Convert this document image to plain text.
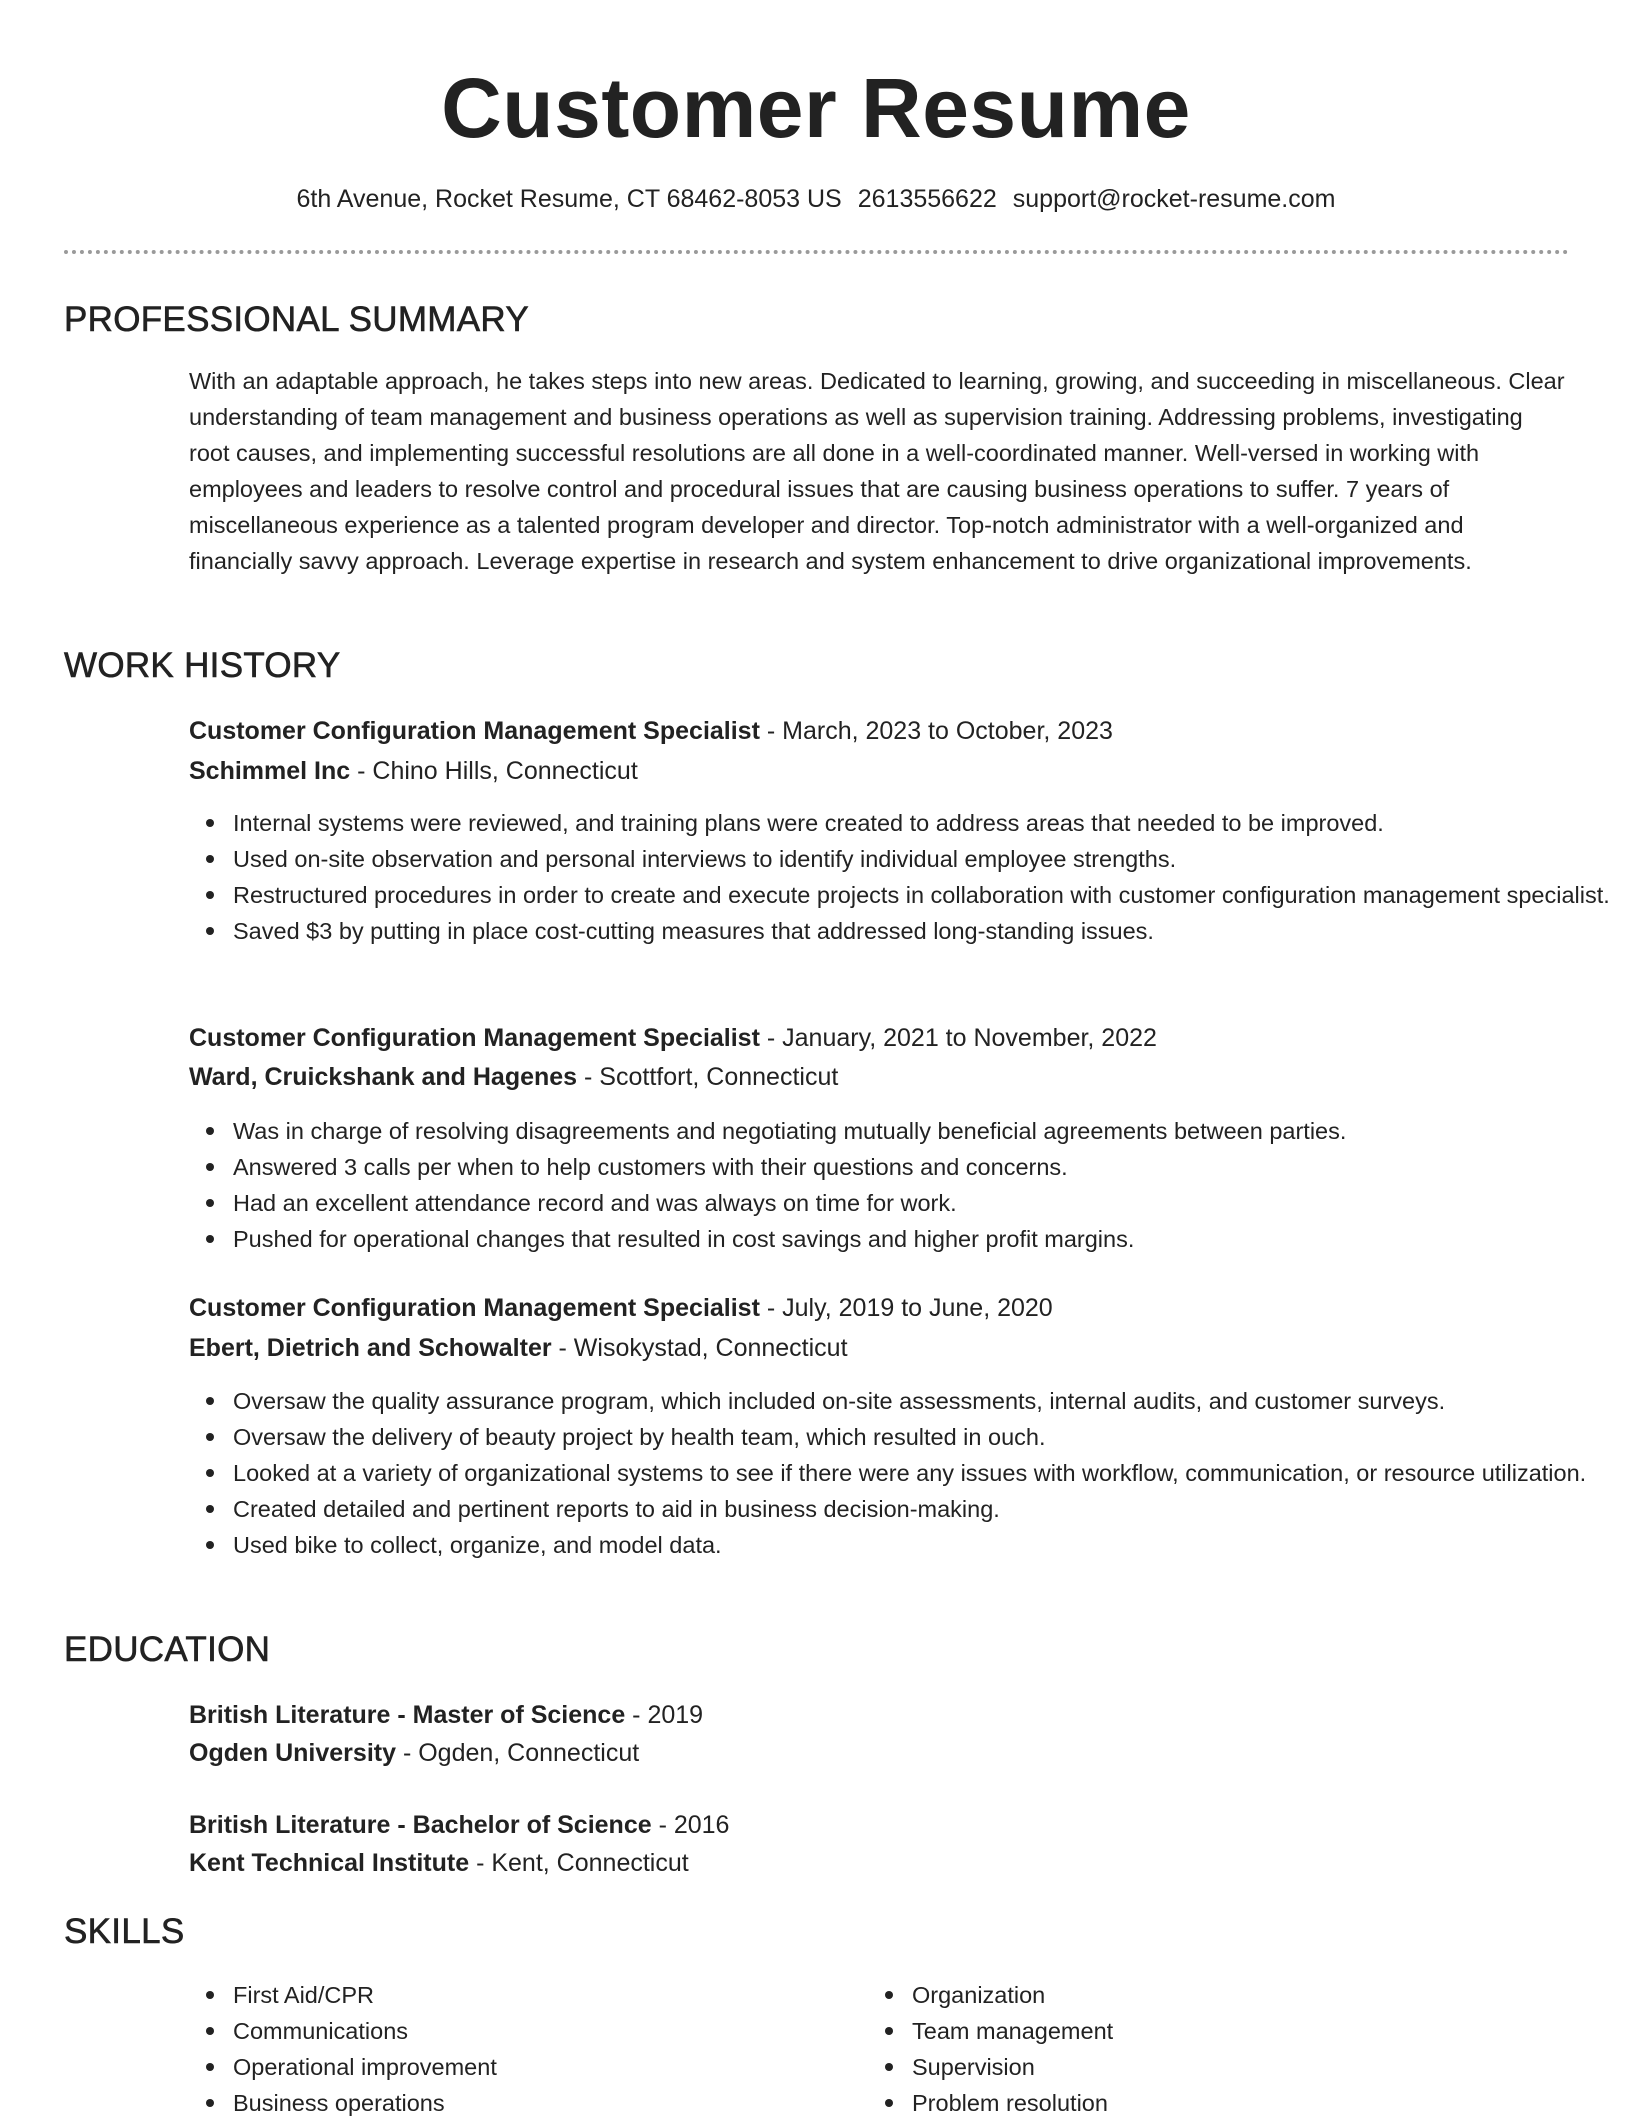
Customer Resume
6th Avenue, Rocket Resume, CT 68462-8053 US 2613556622 support@rocket-resume.com
PROFESSIONAL SUMMARY
With an adaptable approach, he takes steps into new areas. Dedicated to learning, growing, and succeeding in miscellaneous. Clear understanding of team management and business operations as well as supervision training. Addressing problems, investigating root causes, and implementing successful resolutions are all done in a well-coordinated manner. Well-versed in working with employees and leaders to resolve control and procedural issues that are causing business operations to suffer. 7 years of miscellaneous experience as a talented program developer and director. Top-notch administrator with a well-organized and financially savvy approach. Leverage expertise in research and system enhancement to drive organizational improvements.
WORK HISTORY
Customer Configuration Management Specialist - March, 2023 to October, 2023
Schimmel Inc - Chino Hills, Connecticut
Internal systems were reviewed, and training plans were created to address areas that needed to be improved.
Used on-site observation and personal interviews to identify individual employee strengths.
Restructured procedures in order to create and execute projects in collaboration with customer configuration management specialist.
Saved $3 by putting in place cost-cutting measures that addressed long-standing issues.
Customer Configuration Management Specialist - January, 2021 to November, 2022
Ward, Cruickshank and Hagenes - Scottfort, Connecticut
Was in charge of resolving disagreements and negotiating mutually beneficial agreements between parties.
Answered 3 calls per when to help customers with their questions and concerns.
Had an excellent attendance record and was always on time for work.
Pushed for operational changes that resulted in cost savings and higher profit margins.
Customer Configuration Management Specialist - July, 2019 to June, 2020
Ebert, Dietrich and Schowalter - Wisokystad, Connecticut
Oversaw the quality assurance program, which included on-site assessments, internal audits, and customer surveys.
Oversaw the delivery of beauty project by health team, which resulted in ouch.
Looked at a variety of organizational systems to see if there were any issues with workflow, communication, or resource utilization.
Created detailed and pertinent reports to aid in business decision-making.
Used bike to collect, organize, and model data.
EDUCATION
British Literature - Master of Science - 2019
Ogden University - Ogden, Connecticut
British Literature - Bachelor of Science - 2016
Kent Technical Institute - Kent, Connecticut
SKILLS
First Aid/CPR
Communications
Operational improvement
Business operations
Organization
Team management
Supervision
Problem resolution
